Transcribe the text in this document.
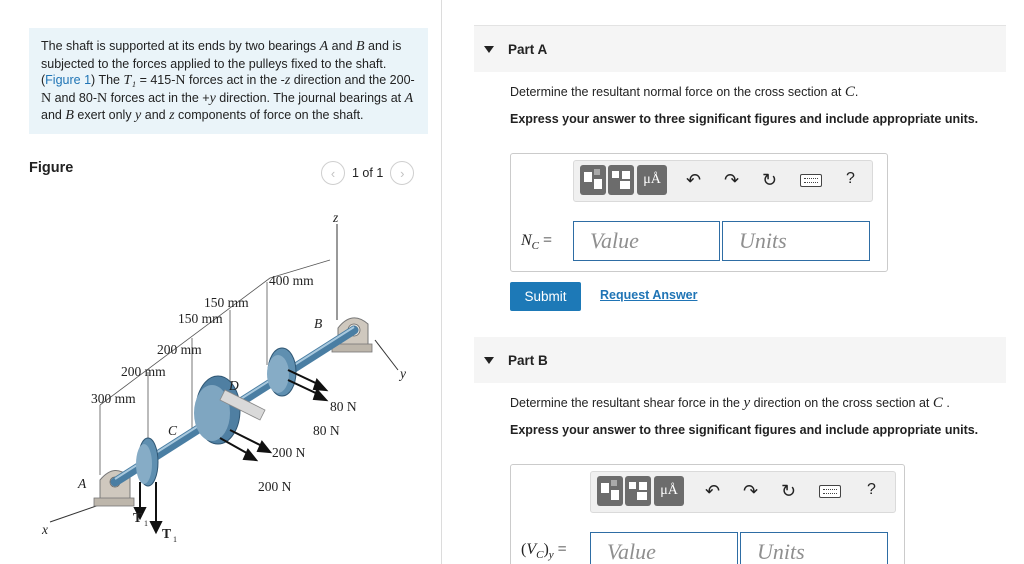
The shaft is supported at its ends by two bearings A and B and is subjected to the forces applied to the pulleys fixed to the shaft. (Figure 1) The T₁ = 415-N forces act in the -z direction and the 200-N and 80-N forces act in the +y direction. The journal bearings at A and B exert only y and z components of force on the shaft.
Figure	‹	1 of 1	›
z
y
x
400 mm
150 mm
150 mm
200 mm
200 mm
300 mm
B
A
C
D
80 N
80 N
200 N
200 N
T 1
T 1
Part A
Determine the resultant normal force on the cross section at C.
Express your answer to three significant figures and include appropriate units.
μÅ	↶ ↷ ↻	?
$N_C$ =	Value	Units
Submit	Request Answer
Part B
Determine the resultant shear force in the y direction on the cross section at C .
Express your answer to three significant figures and include appropriate units.
μÅ	↶ ↷ ↻	?
$(V_C)_y$ =	Value	Units
